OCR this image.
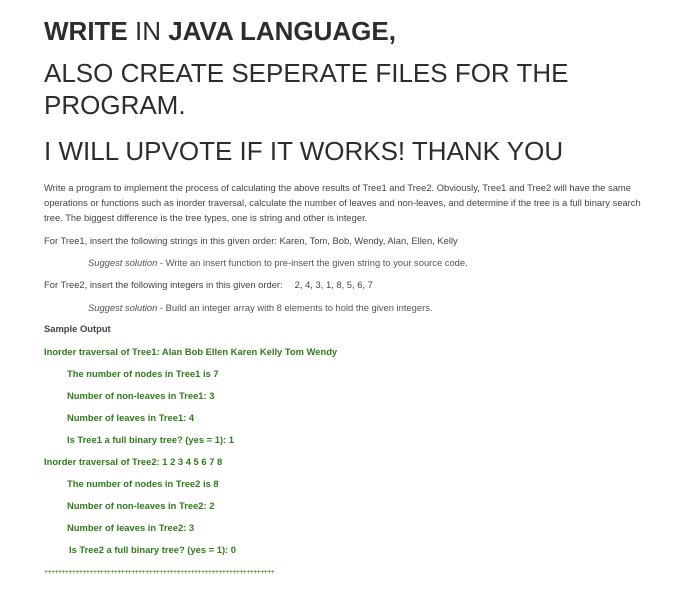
WRITE IN JAVA LANGUAGE,
ALSO CREATE SEPERATE FILES FOR THE
PROGRAM.
I WILL UPVOTE IF IT WORKS! THANK YOU
Write a program to implement the process of calculating the above results of Tree1 and Tree2. Obviously, Tree1 and Tree2 will have the same operations or functions such as inorder traversal, calculate the number of leaves and non-leaves, and determine if the tree is a full binary search tree. The biggest difference is the tree types, one is string and other is integer.
For Tree1, insert the following strings in this given order: Karen, Tom, Bob, Wendy, Alan, Ellen, Kelly
Suggest solution - Write an insert function to pre-insert the given string to your source code.
For Tree2, insert the following integers in this given order: 2, 4, 3, 1, 8, 5, 6, 7
Suggest solution - Build an integer array with 8 elements to hold the given integers.
Sample Output
Inorder traversal of Tree1: Alan Bob Ellen Karen Kelly Tom Wendy
The number of nodes in Tree1 is 7
Number of non-leaves in Tree1: 3
Number of leaves in Tree1: 4
Is Tree1 a full binary tree? (yes = 1): 1
Inorder traversal of Tree2: 1 2 3 4 5 6 7 8
The number of nodes in Tree2 is 8
Number of non-leaves in Tree2: 2
Number of leaves in Tree2: 3
Is Tree2 a full binary tree? (yes = 1): 0
++++++++++++++++++++++++++++++++++++++++++++++++++++++++++++++++++
